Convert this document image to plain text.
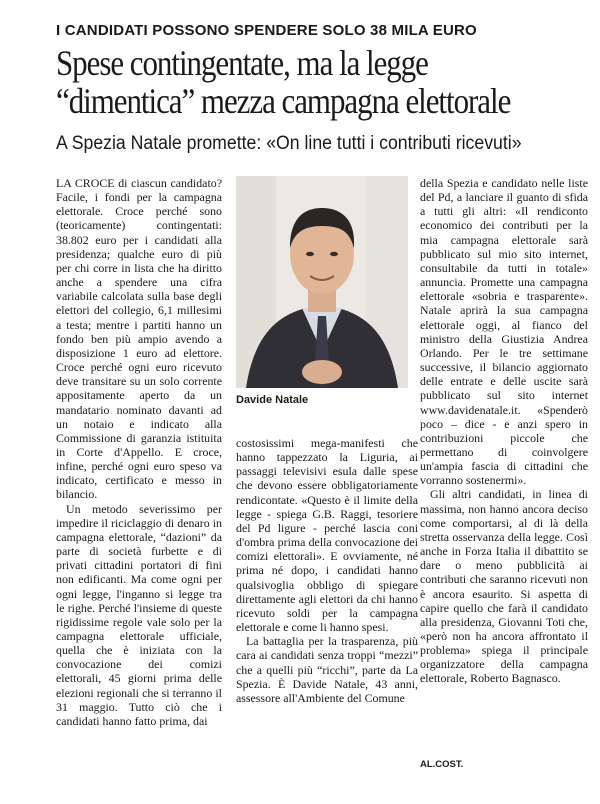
I CANDIDATI POSSONO SPENDERE SOLO 38 MILA EURO
Spese contingentate, ma la legge
“dimentica” mezza campagna elettorale
A Spezia Natale promette: «On line tutti i contributi ricevuti»

LA CROCE di ciascun candidato? Facile, i fondi per la campagna elettorale. Croce perché sono (teoricamente) contingentati: 38.802 euro per i candidati alla presidenza; qualche euro di più per chi corre in lista che ha diritto anche a spendere una cifra variabile calcolata sulla base degli elettori del collegio, 6,1 millesimi a testa; mentre i partiti hanno un fondo ben più ampio avendo a disposizione 1 euro ad elettore. Croce perché ogni euro ricevuto deve transitare su un solo corrente appositamente aperto da un mandatario nominato davanti ad un notaio e indicato alla Commissione di garanzia istituita in Corte d'Appello. E croce, infine, perché ogni euro speso va indicato, certificato e messo in bilancio.

Un metodo severissimo per impedire il riciclaggio di denaro in campagna elettorale, “dazioni” da parte di società furbette e di privati cittadini portatori di fini non edificanti. Ma come ogni per ogni legge, l'inganno si legge tra le righe. Perché l'insieme di queste rigidissime regole vale solo per la campagna elettorale ufficiale, quella che è iniziata con la convocazione dei comizi elettorali, 45 giorni prima delle elezioni regionali che si terranno il 31 maggio. Tutto ciò che i candidati hanno fatto prima, dai

Davide Natale

costosissimi mega-manifesti che hanno tappezzato la Liguria, ai passaggi televisivi esula dalle spese che devono essere obbligatoriamente rendicontate. «Questo è il limite della legge - spiega G.B. Raggi, tesoriere del Pd ligure - perché lascia coni d'ombra prima della convocazione dei comizi elettorali». E ovviamente, né prima né dopo, i candidati hanno qualsivoglia obbligo di spiegare direttamente agli elettori da chi hanno ricevuto soldi per la campagna elettorale e come li hanno spesi.

La battaglia per la trasparenza, più cara ai candidati senza troppi “mezzi” che a quelli più “ricchi”, parte da La Spezia. È Davide Natale, 43 anni, assessore all'Ambiente del Comune

della Spezia e candidato nelle liste del Pd, a lanciare il guanto di sfida a tutti gli altri: «Il rendiconto economico dei contributi per la mia campagna elettorale sarà pubblicato sul mio sito internet, consultabile da tutti in totale» annuncia. Promette una campagna elettorale «sobria e trasparente». Natale aprirà la sua campagna elettorale oggi, al fianco del ministro della Giustizia Andrea Orlando. Per le tre settimane successive, il bilancio aggiornato delle entrate e delle uscite sarà pubblicato sul sito internet www.davidenatale.it. «Spenderò poco – dice - e anzi spero in contribuzioni piccole che permettano di coinvolgere un'ampia fascia di cittadini che vorranno sostenermi».

Gli altri candidati, in linea di massima, non hanno ancora deciso come comportarsi, al di là della stretta osservanza della legge. Così anche in Forza Italia il dibattito se dare o meno pubblicità ai contributi che saranno ricevuti non è ancora esaurito. Si aspetta di capire quello che farà il candidato alla presidenza, Giovanni Toti che, «però non ha ancora affrontato il problema» spiega il principale organizzatore della campagna elettorale, Roberto Bagnasco.

AL.COST.
